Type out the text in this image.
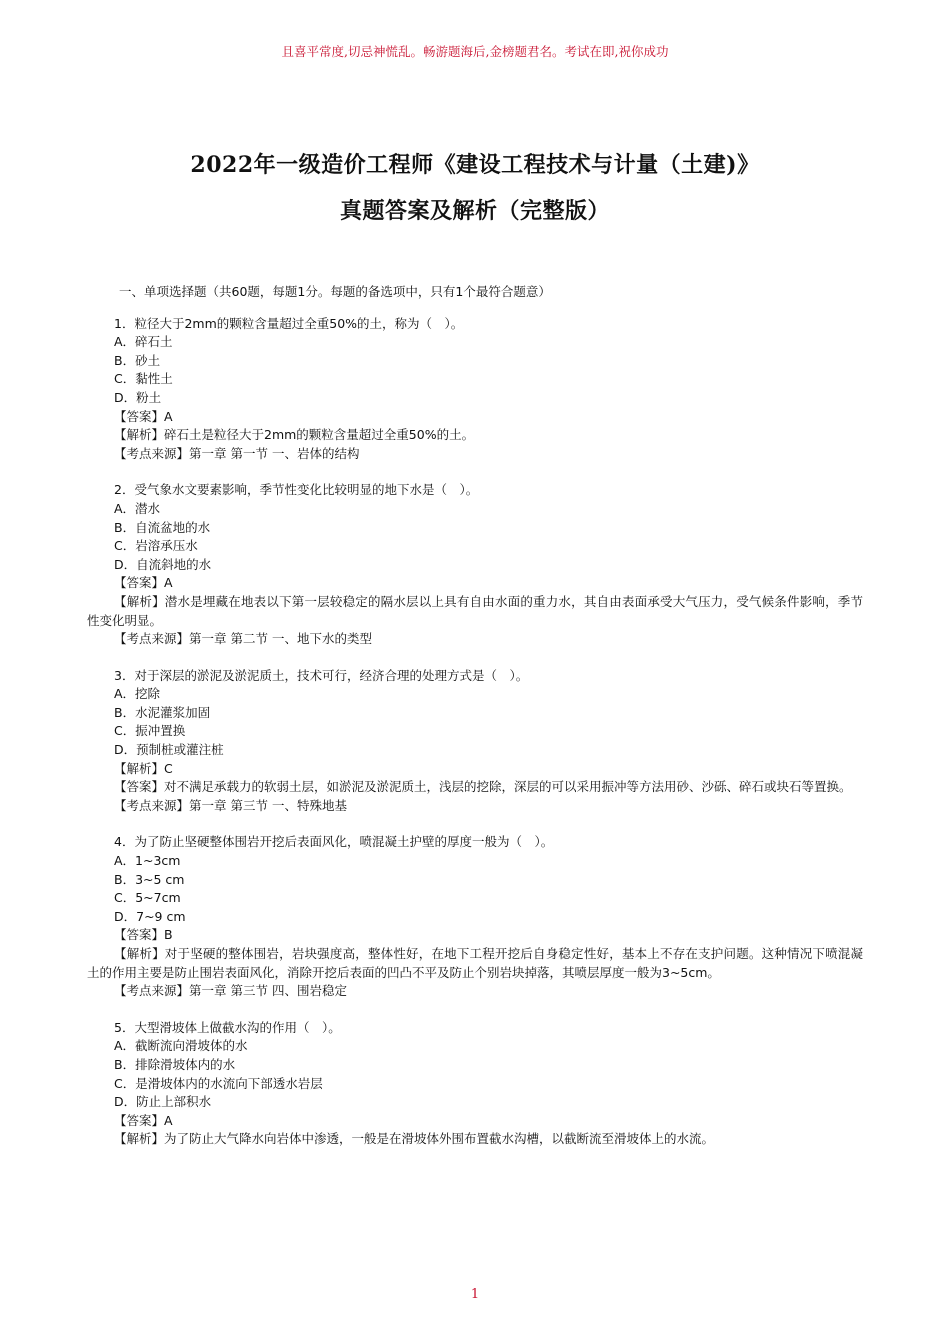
且喜平常度,切忌神慌乱。畅游题海后,金榜题君名。考试在即,祝你成功
2022年一级造价工程师《建设工程技术与计量（土建)》
真题答案及解析（完整版）
一、单项选择题（共60题，每题1分。每题的备选项中，只有1个最符合题意）
1．粒径大于2mm的颗粒含量超过全重50%的土，称为（　）。
A．碎石土
B．砂土
C．黏性土
D．粉土
【答案】A
【解析】碎石土是粒径大于2mm的颗粒含量超过全重50%的土。
【考点来源】第一章 第一节 一、岩体的结构
2．受气象水文要素影响，季节性变化比较明显的地下水是（　）。
A．潜水
B．自流盆地的水
C．岩溶承压水
D．自流斜地的水
【答案】A
【解析】潜水是埋藏在地表以下第一层较稳定的隔水层以上具有自由水面的重力水，其自由表面承受大气压力，受气候条件影响，季节性变化明显。
【考点来源】第一章 第二节 一、地下水的类型
3．对于深层的淤泥及淤泥质土，技术可行，经济合理的处理方式是（　）。
A．挖除
B．水泥灌浆加固
C．振冲置换
D．预制桩或灌注桩
【解析】C
【答案】对不满足承载力的软弱土层，如淤泥及淤泥质土，浅层的挖除，深层的可以采用振冲等方法用砂、沙砾、碎石或块石等置换。
【考点来源】第一章 第三节 一、特殊地基
4．为了防止坚硬整体围岩开挖后表面风化，喷混凝土护壁的厚度一般为（　）。
A．1~3cm
B．3~5 cm
C．5~7cm
D．7~9 cm
【答案】B
【解析】对于坚硬的整体围岩，岩块强度高，整体性好，在地下工程开挖后自身稳定性好，基本上不存在支护问题。这种情况下喷混凝土的作用主要是防止围岩表面风化，消除开挖后表面的凹凸不平及防止个别岩块掉落，其喷层厚度一般为3~5cm。
【考点来源】第一章 第三节 四、围岩稳定
5．大型滑坡体上做截水沟的作用（　）。
A．截断流向滑坡体的水
B．排除滑坡体内的水
C．是滑坡体内的水流向下部透水岩层
D．防止上部积水
【答案】A
【解析】为了防止大气降水向岩体中渗透，一般是在滑坡体外围布置截水沟槽，以截断流至滑坡体上的水流。
1
